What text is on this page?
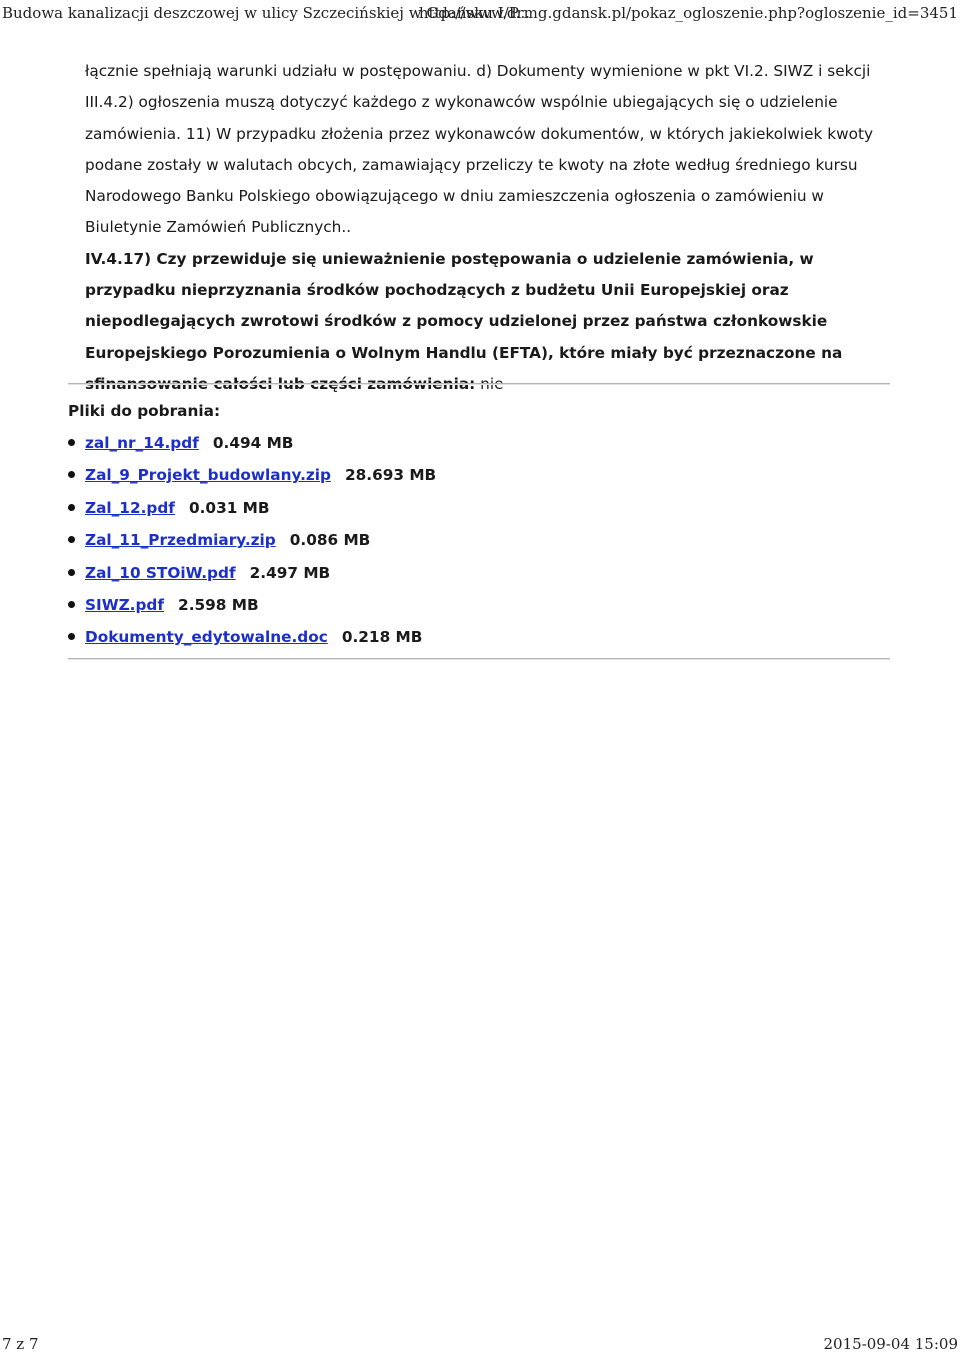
Budowa kanalizacji deszczowej w ulicy Szczecińskiej w Gdańsku I/P...
http://www.drmg.gdansk.pl/pokaz_ogloszenie.php?ogloszenie_id=3451

łącznie spełniają warunki udziału w postępowaniu. d) Dokumenty wymienione w pkt VI.2. SIWZ i sekcji III.4.2) ogłoszenia muszą dotyczyć każdego z wykonawców wspólnie ubiegających się o udzielenie zamówienia. 11) W przypadku złożenia przez wykonawców dokumentów, w których jakiekolwiek kwoty podane zostały w walutach obcych, zamawiający przeliczy te kwoty na złote według średniego kursu Narodowego Banku Polskiego obowiązującego w dniu zamieszczenia ogłoszenia o zamówieniu w Biuletynie Zamówień Publicznych..

IV.4.17) Czy przewiduje się unieważnienie postępowania o udzielenie zamówienia, w przypadku nieprzyznania środków pochodzących z budżetu Unii Europejskiej oraz niepodlegających zwrotowi środków z pomocy udzielonej przez państwa członkowskie Europejskiego Porozumienia o Wolnym Handlu (EFTA), które miały być przeznaczone na sfinansowanie całości lub części zamówienia: nie

Pliki do pobrania:
zal_nr_14.pdf 0.494 MB
Zal_9_Projekt_budowlany.zip 28.693 MB
Zal_12.pdf 0.031 MB
Zal_11_Przedmiary.zip 0.086 MB
Zal_10 STOiW.pdf 2.497 MB
SIWZ.pdf 2.598 MB
Dokumenty_edytowalne.doc 0.218 MB
7 z 7	2015-09-04 15:09
